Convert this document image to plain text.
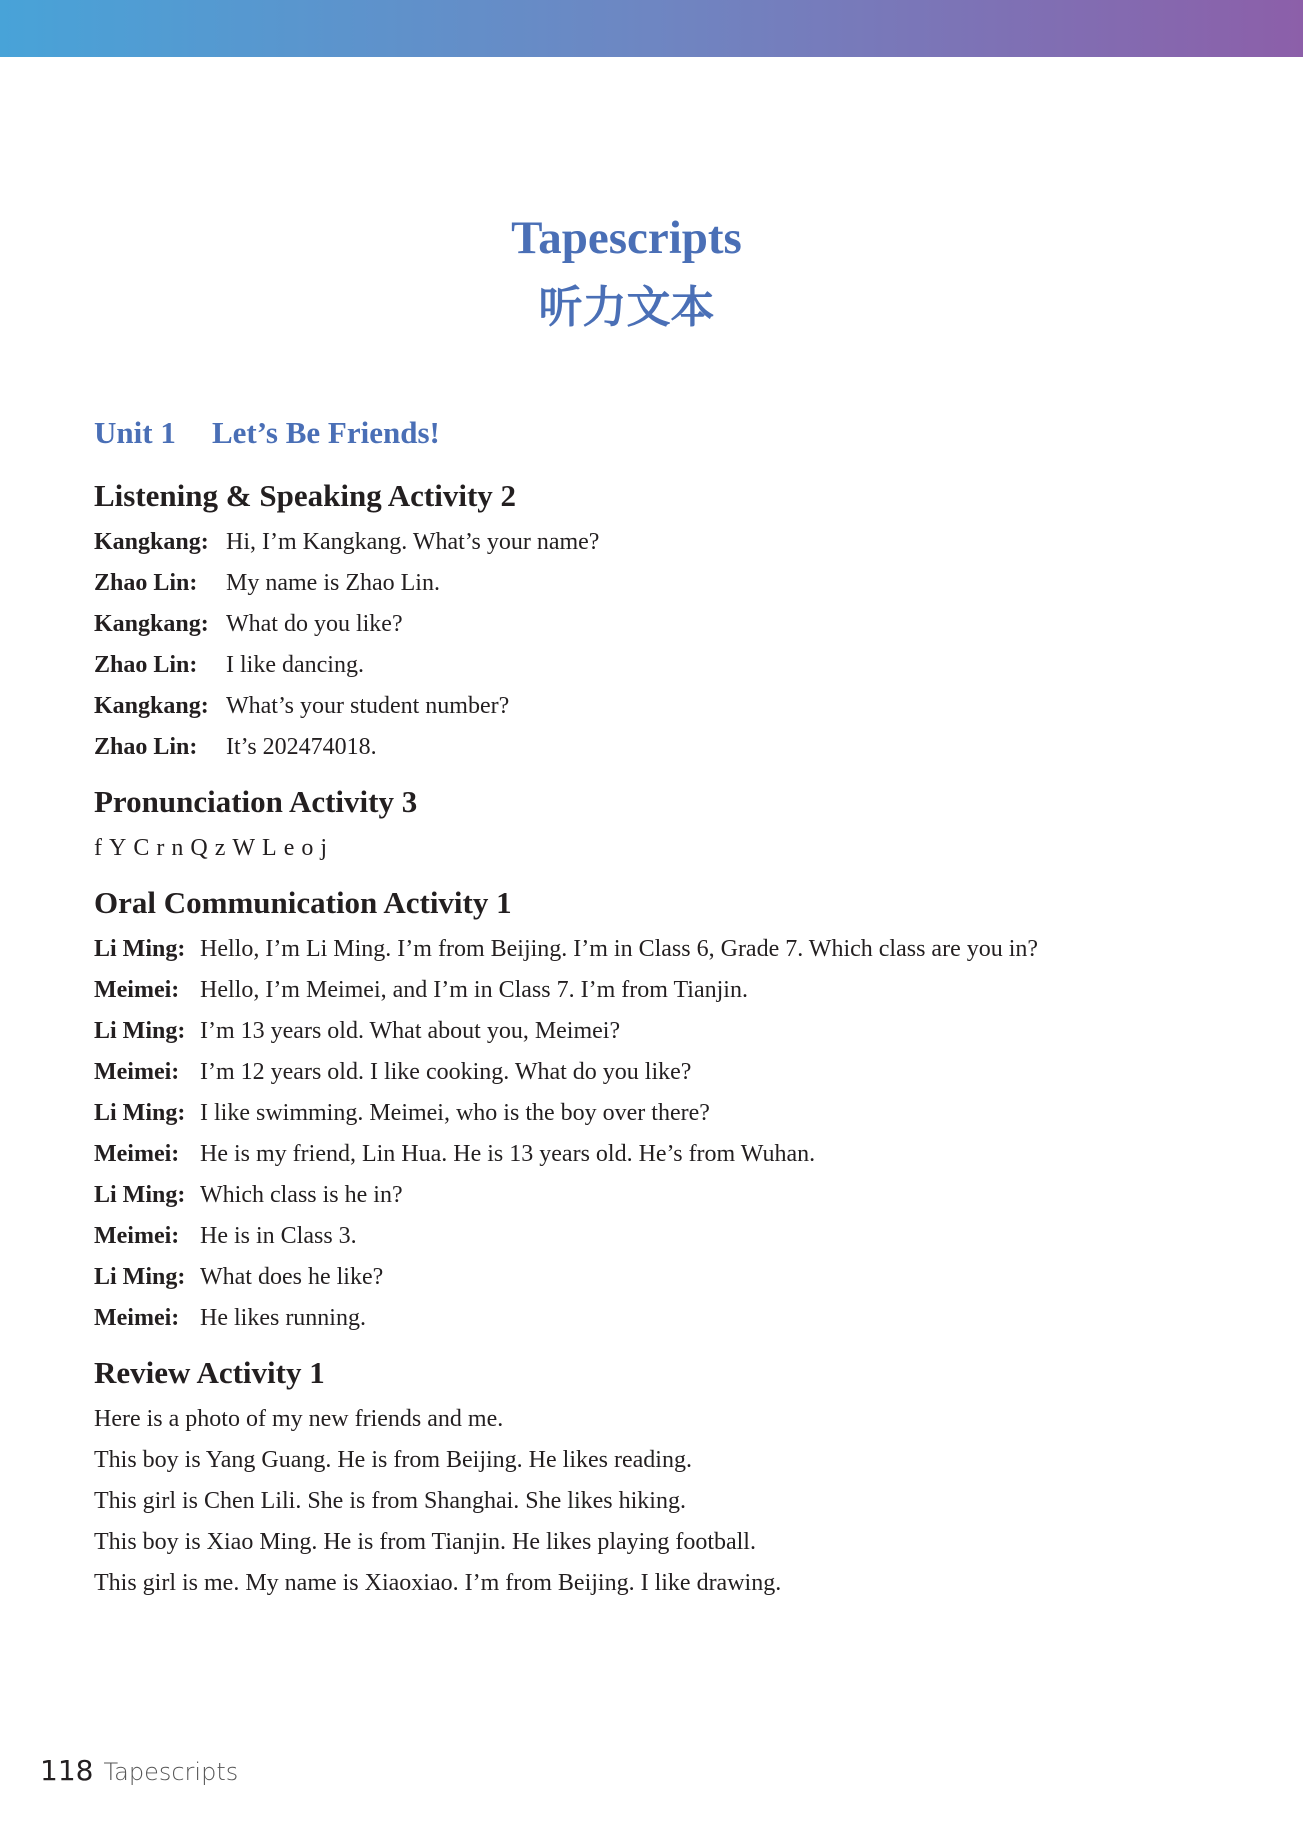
Tapescripts
听力文本
Unit 1 Let’s Be Friends!
Listening & Speaking Activity 2
Kangkang: Hi, I’m Kangkang. What’s your name?
Zhao Lin: My name is Zhao Lin.
Kangkang: What do you like?
Zhao Lin: I like dancing.
Kangkang: What’s your student number?
Zhao Lin: It’s 202474018.
Pronunciation Activity 3
f Y C r n Q z W L e o j
Oral Communication Activity 1
Li Ming: Hello, I’m Li Ming. I’m from Beijing. I’m in Class 6, Grade 7. Which class are you in?
Meimei: Hello, I’m Meimei, and I’m in Class 7. I’m from Tianjin.
Li Ming: I’m 13 years old. What about you, Meimei?
Meimei: I’m 12 years old. I like cooking. What do you like?
Li Ming: I like swimming. Meimei, who is the boy over there?
Meimei: He is my friend, Lin Hua. He is 13 years old. He’s from Wuhan.
Li Ming: Which class is he in?
Meimei: He is in Class 3.
Li Ming: What does he like?
Meimei: He likes running.
Review Activity 1
Here is a photo of my new friends and me.
This boy is Yang Guang. He is from Beijing. He likes reading.
This girl is Chen Lili. She is from Shanghai. She likes hiking.
This boy is Xiao Ming. He is from Tianjin. He likes playing football.
This girl is me. My name is Xiaoxiao. I’m from Beijing. I like drawing.
118 Tapescripts
